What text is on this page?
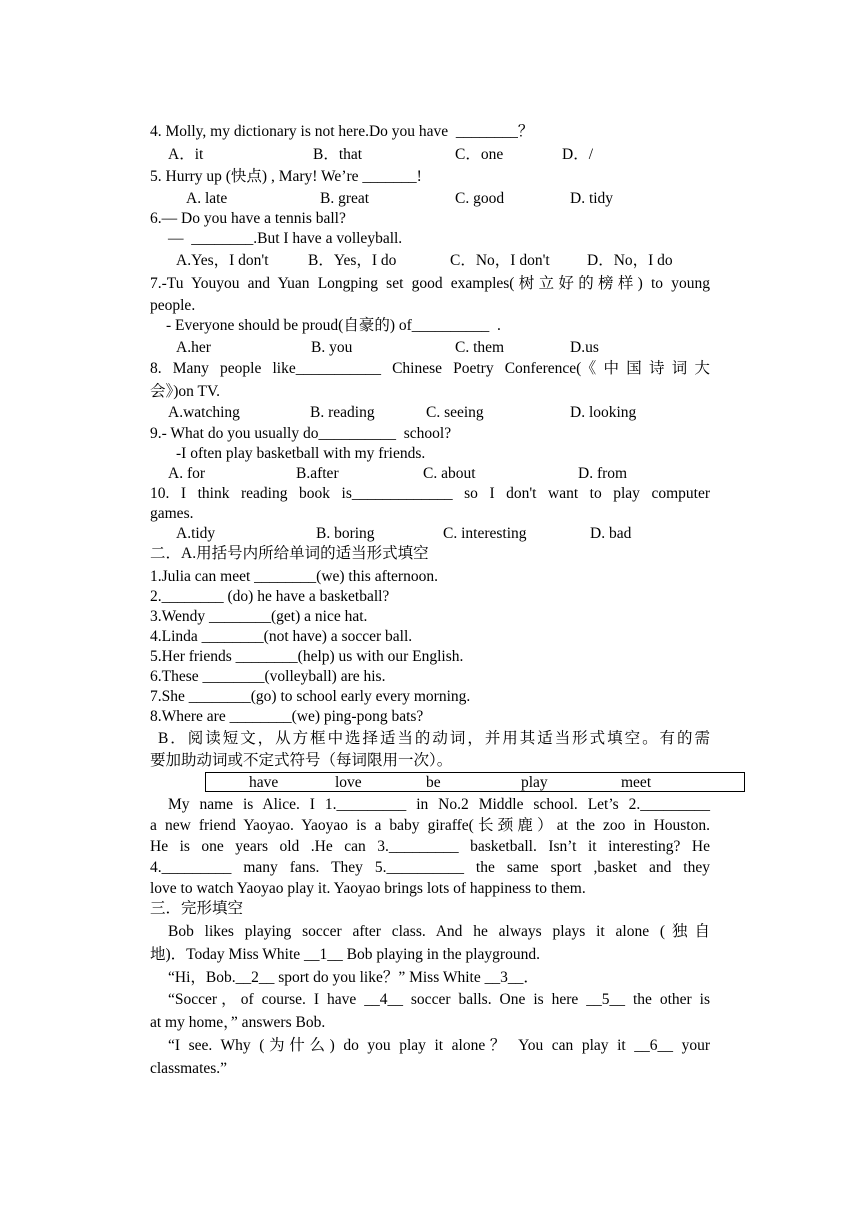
4. Molly, my dictionary is not here.Do you have  ________？
A．it	B．that	C．one	D．/
5. Hurry up (快点) , Mary! We’re _______!
A. late	B. great	C. good	D. tidy
6.— Do you have a tennis ball?
—  ________.But I have a volleyball.
A.Yes，I don't	B．Yes，I do	C．No，I don't D．No，I do
7.-Tu Youyou and Yuan Longping set good examples(树立好的榜样) to young
people.
- Everyone should be proud(自豪的) of__________  .
A.her	B. you	C. them	D.us
8. Many people like___________ Chinese Poetry Conference(《中国诗词大
会》)on TV.
A.watching	B. reading	C. seeing	D. looking
9.- What do you usually do__________  school?
-I often play basketball with my friends.
A. for	B.after	C. about	D. from
10. I think reading book is_____________ so I don't want to play computer
games.
A.tidy	B. boring	C. interesting	D. bad
二．A.用括号内所给单词的适当形式填空
1.Julia can meet ________(we) this afternoon.
2.________ (do) he have a basketball?
3.Wendy ________(get) a nice hat.
4.Linda ________(not have) a soccer ball.
5.Her friends ________(help) us with our English.
6.These ________(volleyball) are his.
7.She ________(go) to school early every morning.
8.Where are ________(we) ping-pong bats?
B．阅读短文，从方框中选择适当的动词，并用其适当形式填空。有的需
要加助动词或不定式符号（每词限用一次）。
have	love	be	play	meet
My name is Alice. I 1._________ in No.2 Middle school. Let’s 2._________
a new friend Yaoyao. Yaoyao is a baby giraffe(长颈鹿）at the zoo in Houston.
He is one years old .He can 3._________ basketball. Isn’t it interesting? He
4._________ many fans. They 5.__________ the same sport ,basket and they
love to watch Yaoyao play it. Yaoyao brings lots of happiness to them.
三．完形填空
Bob likes playing soccer after class. And he always plays it alone (独自
地)．Today Miss White __1__ Bob playing in the playground.
“Hi，Bob.__2__ sport do you like？” Miss White __3__．
“Soccer，of course. I have __4__ soccer balls. One is here __5__ the other is
at my home，” answers Bob.
“I see. Why (为什么) do you play it alone？ You can play it __6__ your
classmates.”
